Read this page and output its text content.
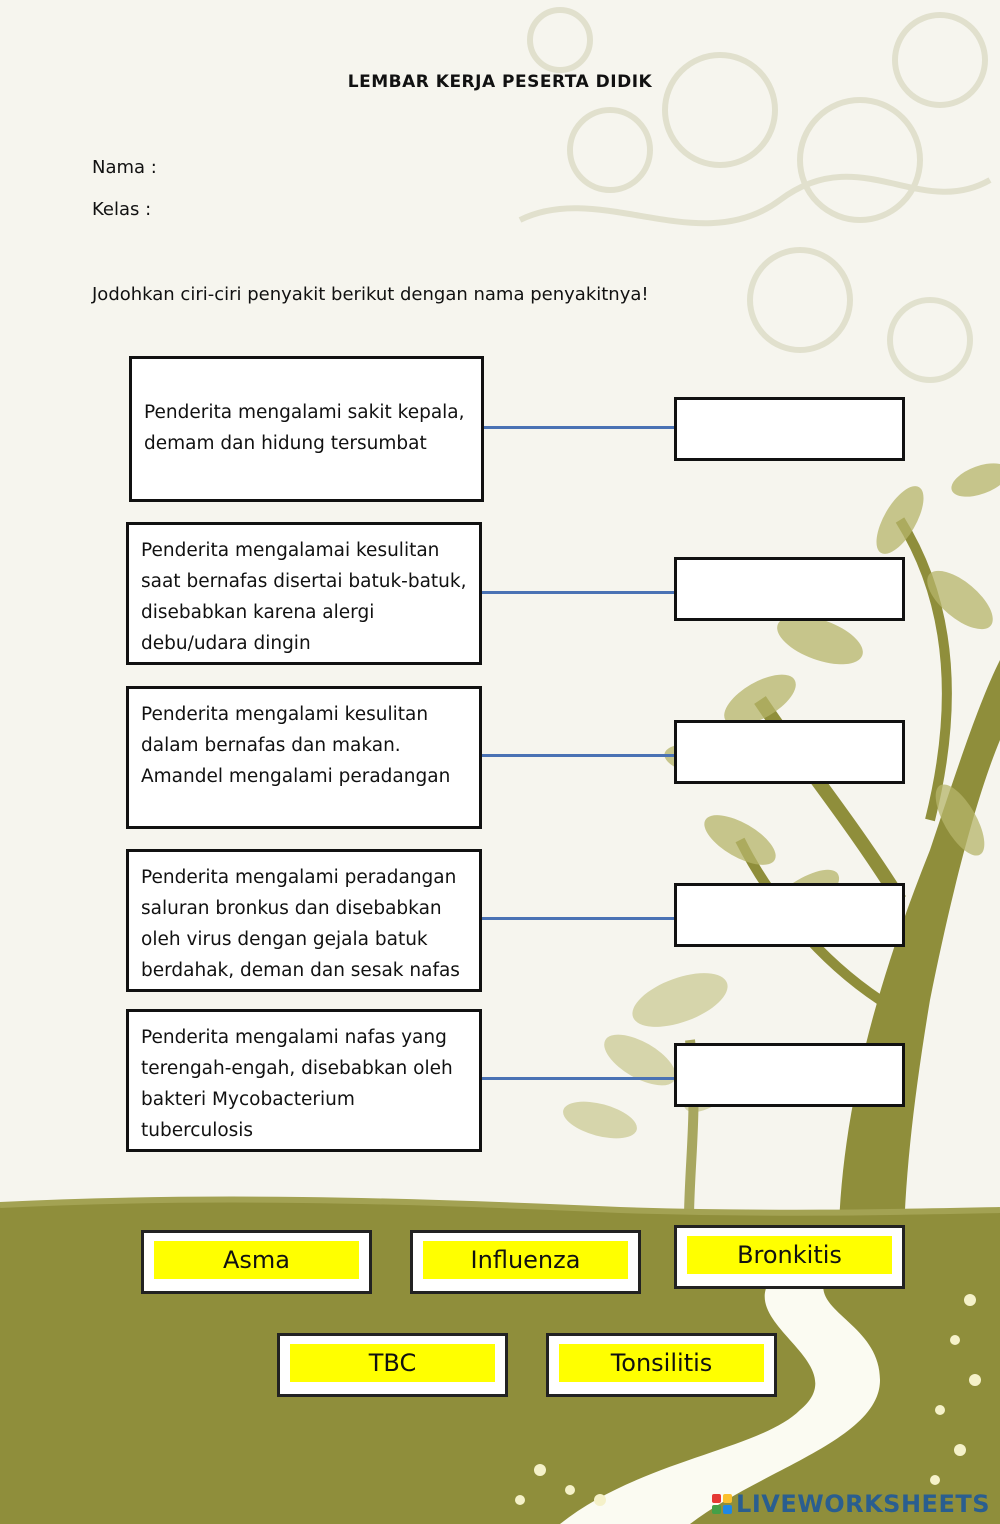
LEMBAR KERJA PESERTA DIDIK
Nama :
Kelas :
Jodohkan ciri-ciri penyakit berikut dengan nama penyakitnya!
Penderita mengalami sakit kepala, demam dan hidung tersumbat
Penderita mengalamai kesulitan saat bernafas disertai batuk-batuk, disebabkan karena alergi debu/udara dingin
Penderita mengalami kesulitan dalam bernafas dan makan. Amandel mengalami peradangan
Penderita mengalami peradangan saluran bronkus dan disebabkan oleh virus dengan gejala batuk berdahak, deman dan sesak nafas
Penderita mengalami nafas yang terengah-engah, disebabkan oleh bakteri Mycobacterium tuberculosis
Asma	Influenza	Bronkitis
TBC	Tonsilitis
LIVEWORKSHEETS
